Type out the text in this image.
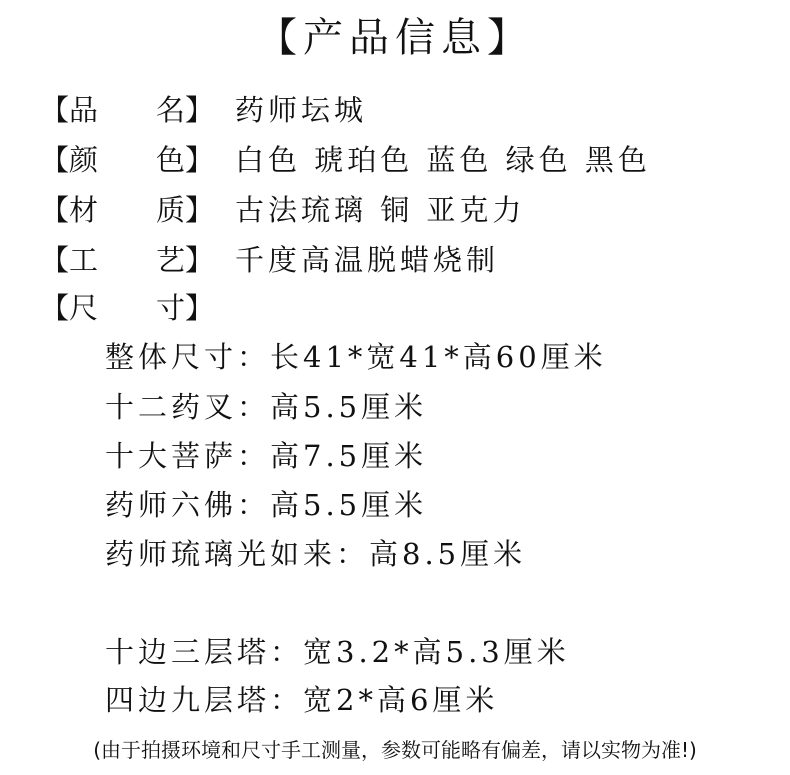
【产品信息】
【品　　名】 药师坛城
【颜　　色】 白色 琥珀色 蓝色 绿色 黑色
【材　　质】 古法琉璃 铜 亚克力
【工　　艺】 千度高温脱蜡烧制
【尺　　寸】
整体尺寸：长41*宽41*高60厘米
十二药叉：高5.5厘米
十大菩萨：高7.5厘米
药师六佛：高5.5厘米
药师琉璃光如来：高8.5厘米
十边三层塔：宽3.2*高5.3厘米
四边九层塔：宽2*高6厘米
(由于拍摄环境和尺寸手工测量，参数可能略有偏差，请以实物为准!)
